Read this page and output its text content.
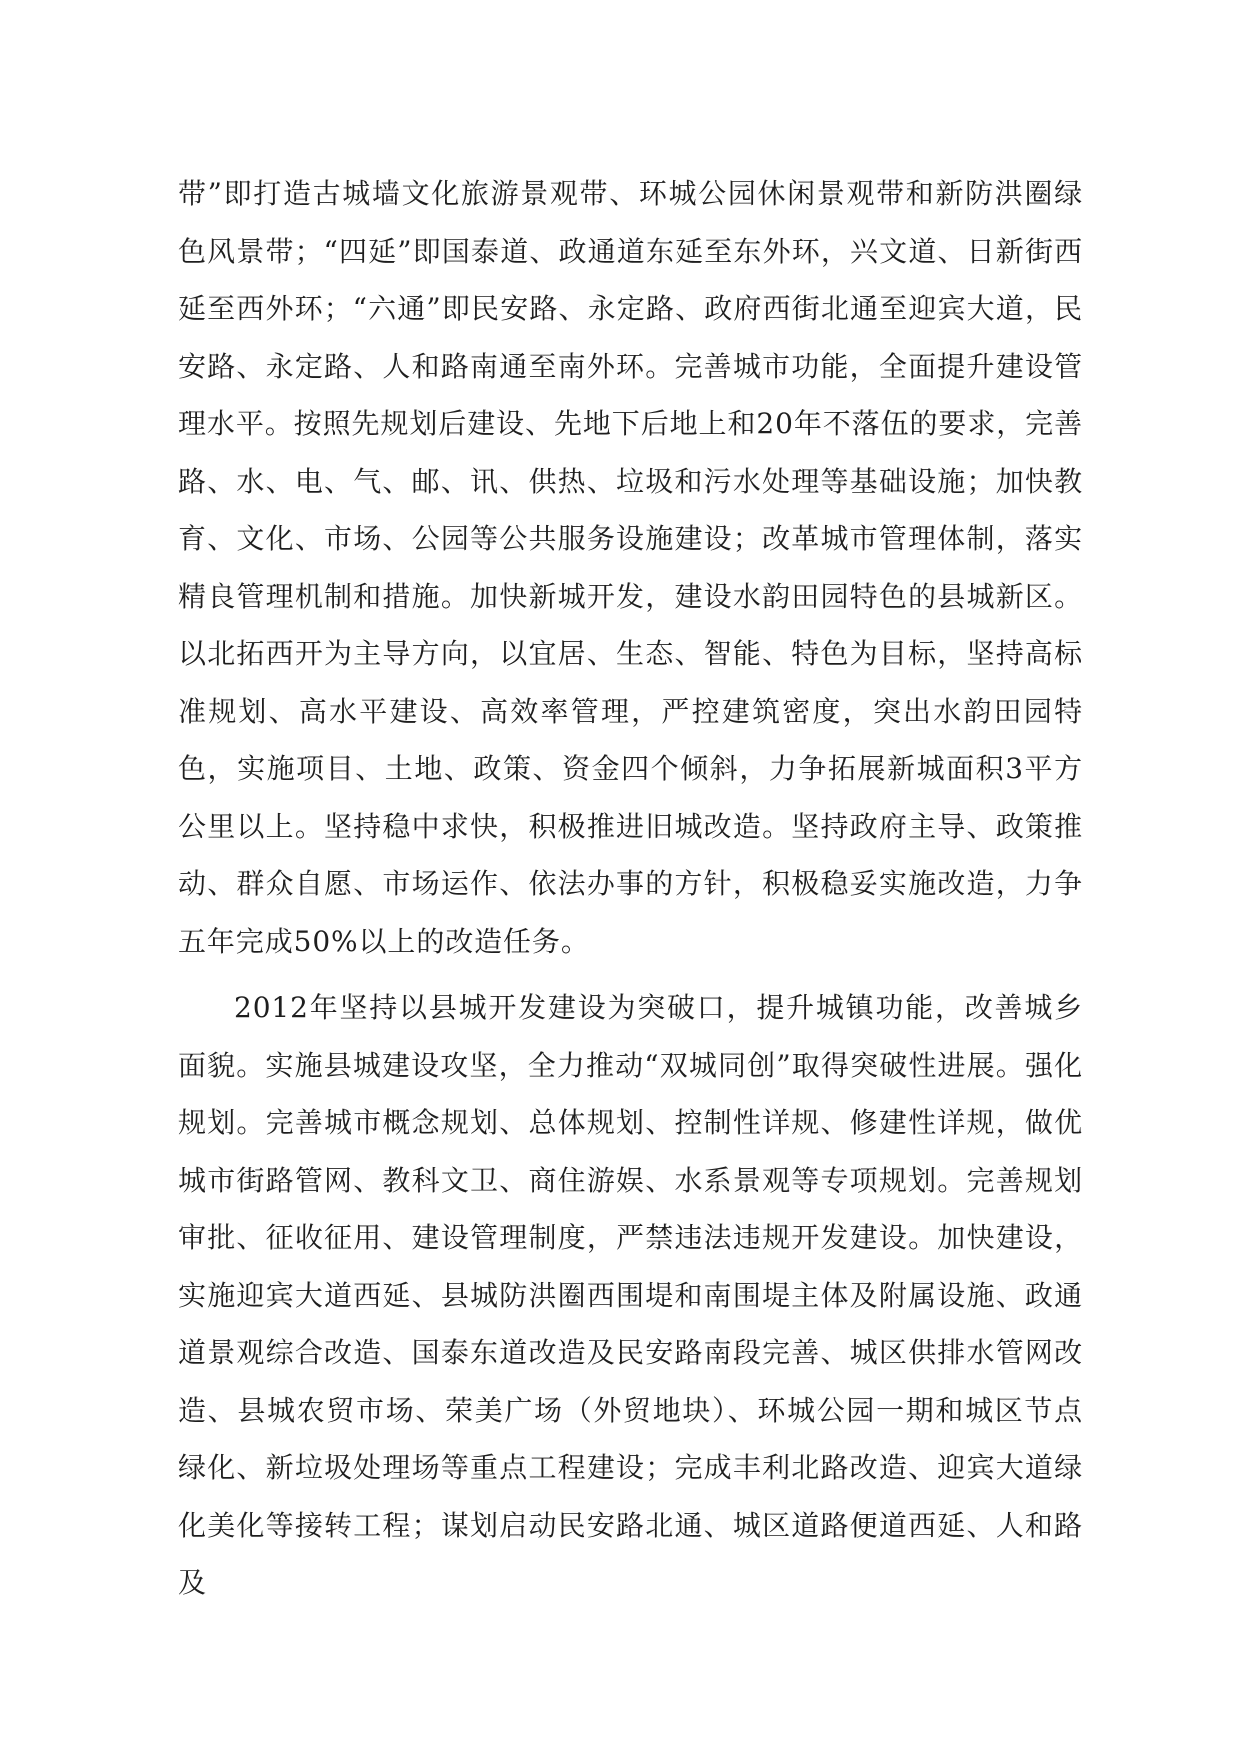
带”即打造古城墙文化旅游景观带、环城公园休闲景观带和新防洪圈绿色风景带；“四延”即国泰道、政通道东延至东外环，兴文道、日新街西延至西外环；“六通”即民安路、永定路、政府西街北通至迎宾大道，民安路、永定路、人和路南通至南外环。完善城市功能，全面提升建设管理水平。按照先规划后建设、先地下后地上和20年不落伍的要求，完善路、水、电、气、邮、讯、供热、垃圾和污水处理等基础设施；加快教育、文化、市场、公园等公共服务设施建设；改革城市管理体制，落实精良管理机制和措施。加快新城开发，建设水韵田园特色的县城新区。以北拓西开为主导方向，以宜居、生态、智能、特色为目标，坚持高标准规划、高水平建设、高效率管理，严控建筑密度，突出水韵田园特色，实施项目、土地、政策、资金四个倾斜，力争拓展新城面积3平方公里以上。坚持稳中求快，积极推进旧城改造。坚持政府主导、政策推动、群众自愿、市场运作、依法办事的方针，积极稳妥实施改造，力争五年完成50%以上的改造任务。

2012年坚持以县城开发建设为突破口，提升城镇功能，改善城乡面貌。实施县城建设攻坚，全力推动“双城同创”取得突破性进展。强化规划。完善城市概念规划、总体规划、控制性详规、修建性详规，做优城市街路管网、教科文卫、商住游娱、水系景观等专项规划。完善规划审批、征收征用、建设管理制度，严禁违法违规开发建设。加快建设，实施迎宾大道西延、县城防洪圈西围堤和南围堤主体及附属设施、政通道景观综合改造、国泰东道改造及民安路南段完善、城区供排水管网改造、县城农贸市场、荣美广场（外贸地块）、环城公园一期和城区节点绿化、新垃圾处理场等重点工程建设；完成丰利北路改造、迎宾大道绿化美化等接转工程；谋划启动民安路北通、城区道路便道西延、人和路及
